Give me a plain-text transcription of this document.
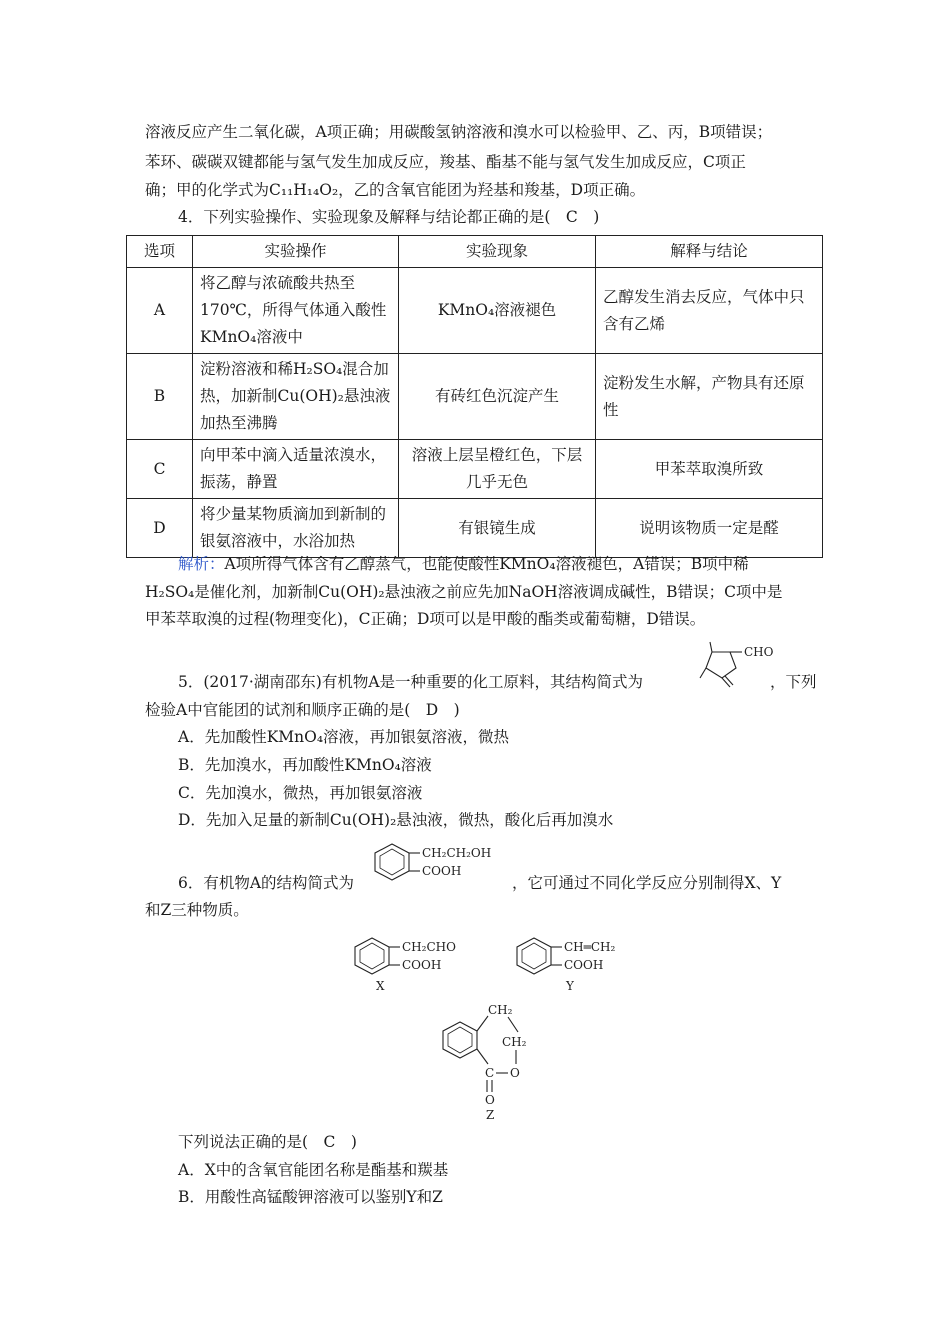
溶液反应产生二氧化碳，A项正确；用碳酸氢钠溶液和溴水可以检验甲、乙、丙，B项错误；
苯环、碳碳双键都能与氢气发生加成反应，羧基、酯基不能与氢气发生加成反应，C项正
确；甲的化学式为C₁₁H₁₄O₂，乙的含氧官能团为羟基和羧基，D项正确。
4．下列实验操作、实验现象及解释与结论都正确的是(　C　)
选项	实验操作	实验现象	解释与结论
A	将乙醇与浓硫酸共热至170℃，所得气体通入酸性KMnO₄溶液中	KMnO₄溶液褪色	乙醇发生消去反应，气体中只含有乙烯
B	淀粉溶液和稀H₂SO₄混合加热，加新制Cu(OH)₂悬浊液加热至沸腾	有砖红色沉淀产生	淀粉发生水解，产物具有还原性
C	向甲苯中滴入适量浓溴水，振荡，静置	溶液上层呈橙红色，下层几乎无色	甲苯萃取溴所致
D	将少量某物质滴加到新制的银氨溶液中，水浴加热	有银镜生成	说明该物质一定是醛
解析：A项所得气体含有乙醇蒸气，也能使酸性KMnO₄溶液褪色，A错误；B项中稀
H₂SO₄是催化剂，加新制Cu(OH)₂悬浊液之前应先加NaOH溶液调成碱性，B错误；C项中是
甲苯萃取溴的过程(物理变化)，C正确；D项可以是甲酸的酯类或葡萄糖，D错误。
5．(2017·湖南邵东)有机物A是一种重要的化工原料，其结构简式为
CHO
，下列
检验A中官能团的试剂和顺序正确的是(　D　)
A．先加酸性KMnO₄溶液，再加银氨溶液，微热
B．先加溴水，再加酸性KMnO₄溶液
C．先加溴水，微热，再加银氨溶液
D．先加入足量的新制Cu(OH)₂悬浊液，微热，酸化后再加溴水
6．有机物A的结构简式为
CH₂CH₂OH
COOH
，它可通过不同化学反应分别制得X、Y
和Z三种物质。
CH₂CHO
COOH
X
CH═CH₂
COOH
Y
CH₂
CH₂
C O
O
Z
下列说法正确的是(　C　)
A．X中的含氧官能团名称是酯基和羰基
B．用酸性高锰酸钾溶液可以鉴别Y和Z
